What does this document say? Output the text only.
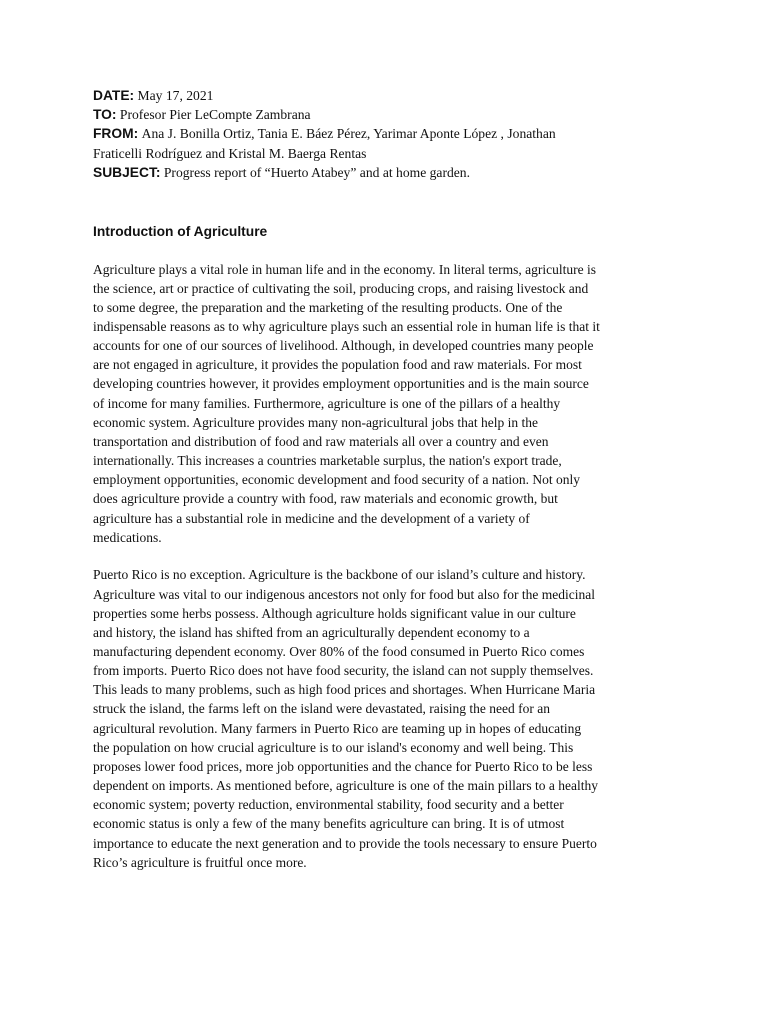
DATE: May 17, 2021
TO: Profesor Pier LeCompte Zambrana
FROM: Ana J. Bonilla Ortiz, Tania E. Báez Pérez, Yarimar Aponte López , Jonathan
Fraticelli Rodríguez and Kristal M. Baerga Rentas
SUBJECT: Progress report of “Huerto Atabey” and at home garden.
Introduction of Agriculture
Agriculture plays a vital role in human life and in the economy. In literal terms, agriculture is
the science, art or practice of cultivating the soil, producing crops, and raising livestock and
to some degree, the preparation and the marketing of the resulting products. One of the
indispensable reasons as to why agriculture plays such an essential role in human life is that it
accounts for one of our sources of livelihood. Although, in developed countries many people
are not engaged in agriculture, it provides the population food and raw materials. For most
developing countries however, it provides employment opportunities and is the main source
of income for many families. Furthermore, agriculture is one of the pillars of a healthy
economic system. Agriculture provides many non-agricultural jobs that help in the
transportation and distribution of food and raw materials all over a country and even
internationally. This increases a countries marketable surplus, the nation's export trade,
employment opportunities, economic development and food security of a nation. Not only
does agriculture provide a country with food, raw materials and economic growth, but
agriculture has a substantial role in medicine and the development of a variety of
medications.
Puerto Rico is no exception. Agriculture is the backbone of our island’s culture and history.
Agriculture was vital to our indigenous ancestors not only for food but also for the medicinal
properties some herbs possess. Although agriculture holds significant value in our culture
and history, the island has shifted from an agriculturally dependent economy to a
manufacturing dependent economy. Over 80% of the food consumed in Puerto Rico comes
from imports. Puerto Rico does not have food security, the island can not supply themselves.
This leads to many problems, such as high food prices and shortages. When Hurricane Maria
struck the island, the farms left on the island were devastated, raising the need for an
agricultural revolution. Many farmers in Puerto Rico are teaming up in hopes of educating
the population on how crucial agriculture is to our island's economy and well being. This
proposes lower food prices, more job opportunities and the chance for Puerto Rico to be less
dependent on imports. As mentioned before, agriculture is one of the main pillars to a healthy
economic system; poverty reduction, environmental stability, food security and a better
economic status is only a few of the many benefits agriculture can bring. It is of utmost
importance to educate the next generation and to provide the tools necessary to ensure Puerto
Rico’s agriculture is fruitful once more.
